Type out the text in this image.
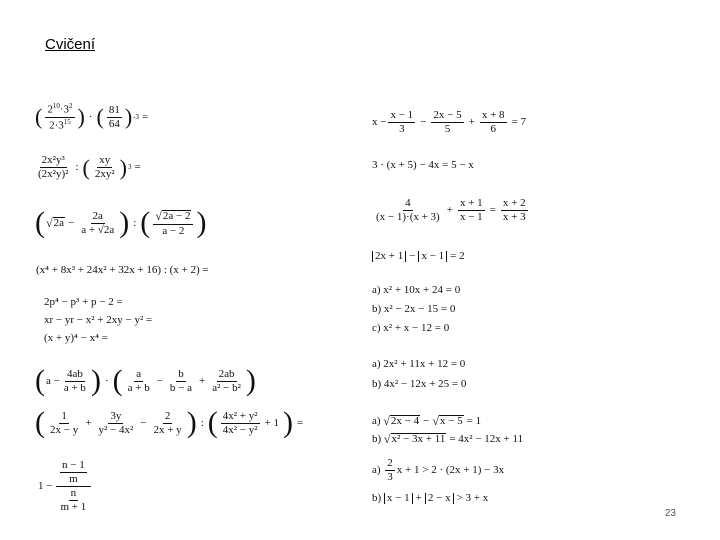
Cvičení
( $\frac{2^{10}\cdot 3^2}{2\cdot 3^{15}}$ ) · ( $\frac{81}{64}$ ) -3 =
$\frac{\text{2x²y³}}{\text{(2x²y)²}}$ : ( $\frac{xy}{\text{2xy²}}$ ) 3 =
( √ $2a - \frac{2a}{a + √2a}$ ) : ( √ $\frac{2a - 2}{a - 2}$ )
(x⁴ + 8x³ + 24x² + 32x + 16) : (x + 2) =
2p⁴ − p³ + p − 2 =
xr − yr − x² + 2xy − y² =
(x + y)⁴ − x⁴ =
( $a - \frac{4ab}{a + b}$ ) · ( $\frac{a}{a + b} - \frac{b}{b - a} + \frac{2ab}{\text{a² − b²}}$ )
( $\frac{1}{2x - y} + \frac{3y}{\text{y² − 4x²}} - \frac{2}{2x + y}$ ) : ( $\frac{\text{4x² + y²}}{\text{4x² − y²}} + 1$ ) =
$1 - \frac{\frac{n - 1}{m}}{\frac{n}{m + 1}}$
$x - \frac{x - 1}{3} - \frac{2x - 5}{5} + \frac{x + 8}{6} = 7$
3 · (x + 5) − 4x = 5 − x
$\frac{4}{(x - 1)\cdot(x + 3)} + \frac{x + 1}{x - 1} = \frac{x + 2}{x + 3}$
2x + 1 − x − 1 = 2
a) x² + 10x + 24 = 0
b) x² − 2x − 15 = 0
c) x² + x − 12 = 0
a) 2x² + 11x + 12 = 0
b) 4x² − 12x + 25 = 0
a)
√ 2x − 4 − √ x − 5 = 1
b)
√ x² − 3x + 11 = 4x² − 12x + 11
a)
$\frac{2}{3}$ x + 1 > 2 · (2x + 1) − 3x
b)
x − 1 + 2 − x > 3 + x
23
